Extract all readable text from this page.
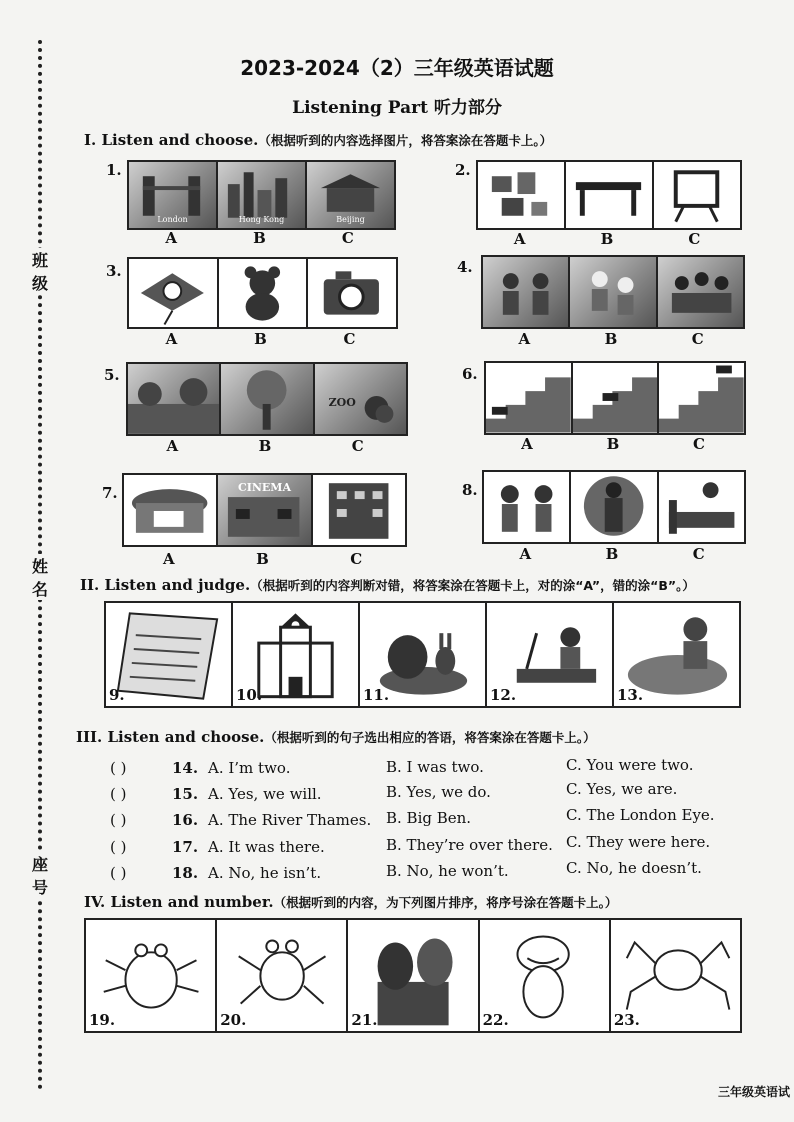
班级
姓名
座号
2023-2024（2）三年级英语试题
Listening Part 听力部分
I. Listen and choose.（根据听到的内容选择图片，将答案涂在答题卡上。）
1.
London	Hong Kong	Beijing
A	B	C
2.
A	B	C
3.
A	B	C
4.
A	B	C
5.
ZOO
A	B	C
6.
A	B	C
7.	CINEMA
A	B	C
8.
A	B	C
II. Listen and judge.（根据听到的内容判断对错，将答案涂在答题卡上，对的涂“A”，错的涂“B”。）
9.	10.	11.	12.	13.
III. Listen and choose.（根据听到的句子选出相应的答语，将答案涂在答题卡上。）
( )	14. A. I’m two.	B. I was two.	C. You were two.
( )	15. A. Yes, we will.	B. Yes, we do.	C. Yes, we are.
( )	16. A. The River Thames. B. Big Ben.	C. The London Eye.
( )	17. A. It was there.	B. They’re over there. C. They were here.
( )	18. A. No, he isn’t.	B. No, he won’t.	C. No, he doesn’t.
IV. Listen and number.（根据听到的内容，为下列图片排序，将序号涂在答题卡上。）
19.	20.	21.	22.	23.
三年级英语试
